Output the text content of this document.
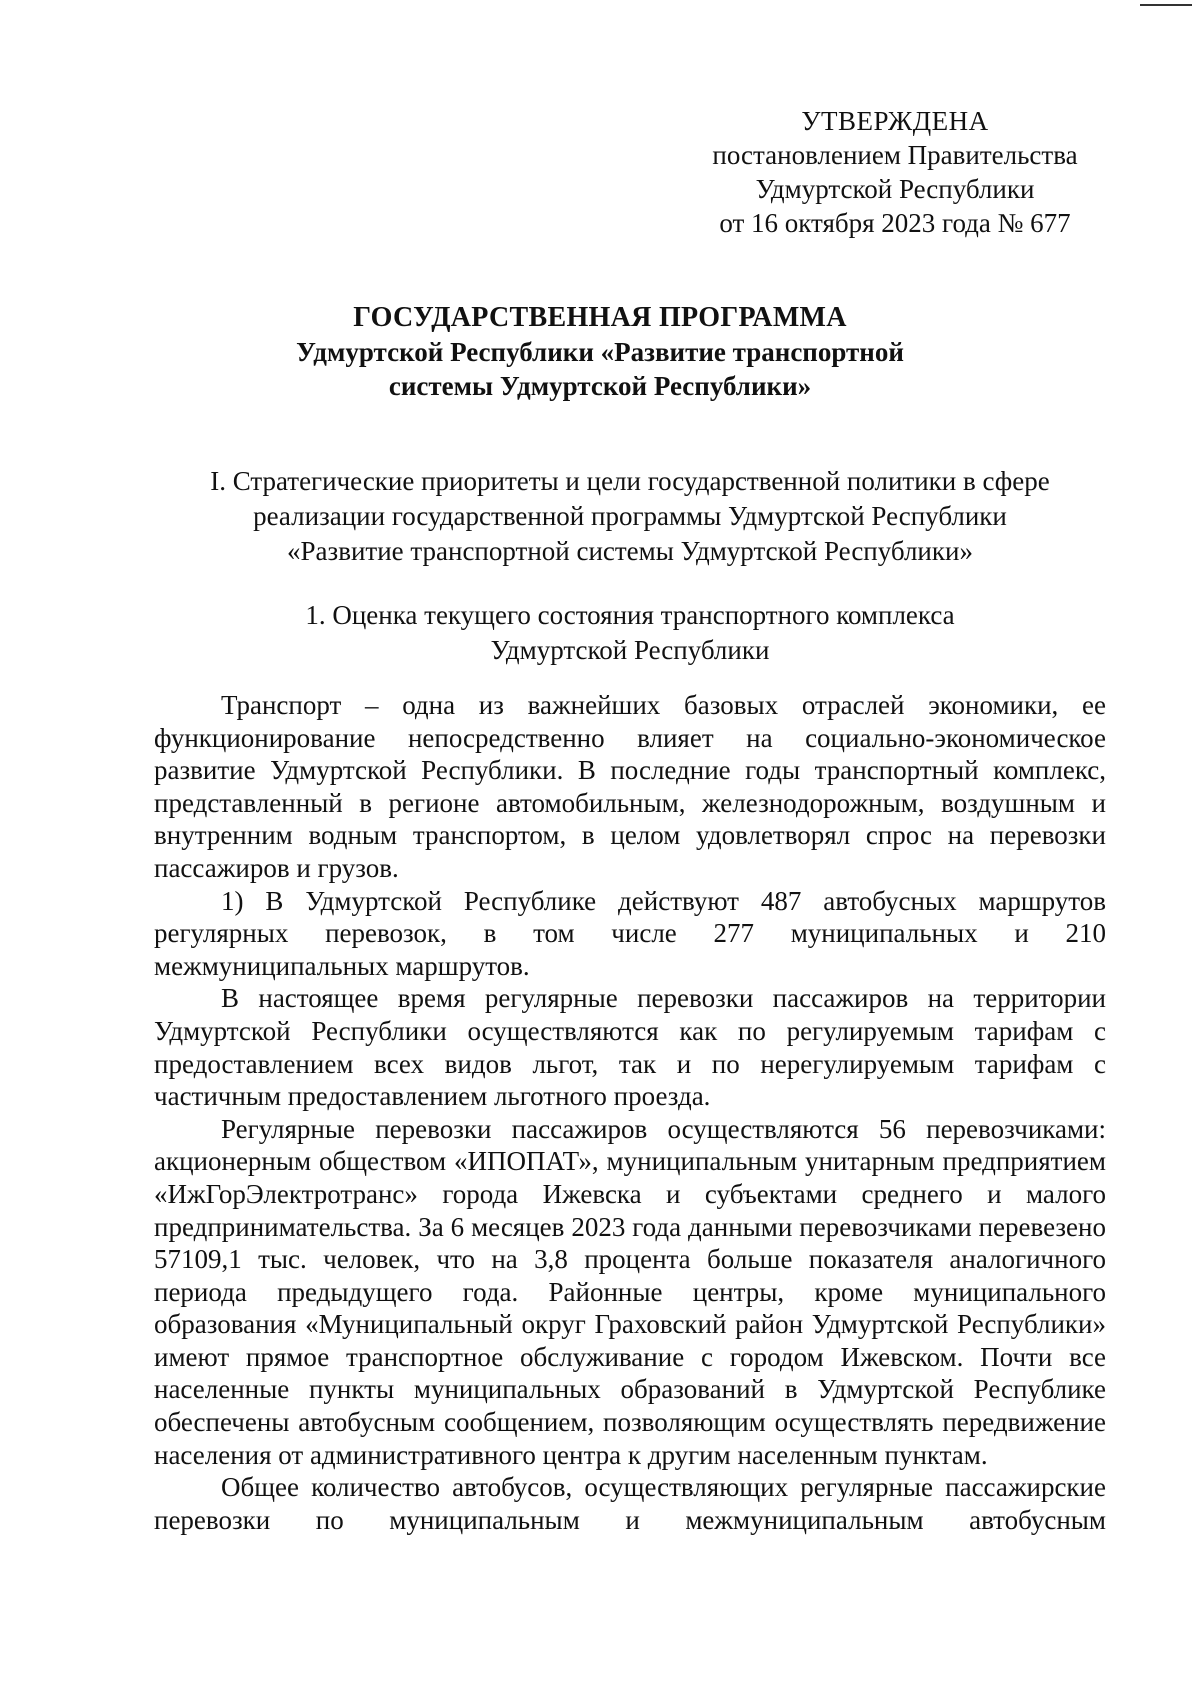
УТВЕРЖДЕНА
постановлением Правительства
Удмуртской Республики
от 16 октября 2023 года № 677
ГОСУДАРСТВЕННАЯ ПРОГРАММА
Удмуртской Республики «Развитие транспортной
системы Удмуртской Республики»
I. Стратегические приоритеты и цели государственной политики в сфере
реализации государственной программы Удмуртской Республики
«Развитие транспортной системы Удмуртской Республики»
1. Оценка текущего состояния транспортного комплекса
Удмуртской Республики

Транспорт – одна из важнейших базовых отраслей экономики, ее функционирование непосредственно влияет на социально-экономическое развитие Удмуртской Республики. В последние годы транспортный комплекс, представленный в регионе автомобильным, железнодорожным, воздушным и внутренним водным транспортом, в целом удовлетворял спрос на перевозки пассажиров и грузов.

1) В Удмуртской Республике действуют 487 автобусных маршрутов регулярных перевозок, в том числе 277 муниципальных и 210 межмуниципальных маршрутов.

В настоящее время регулярные перевозки пассажиров на территории Удмуртской Республики осуществляются как по регулируемым тарифам с предоставлением всех видов льгот, так и по нерегулируемым тарифам с частичным предоставлением льготного проезда.

Регулярные перевозки пассажиров осуществляются 56 перевозчиками: акционерным обществом «ИПОПАТ», муниципальным унитарным предприятием «ИжГорЭлектротранс» города Ижевска и субъектами среднего и малого предпринимательства. За 6 месяцев 2023 года данными перевозчиками перевезено 57109,1 тыс. человек, что на 3,8 процента больше показателя аналогичного периода предыдущего года. Районные центры, кроме муниципального образования «Муниципальный округ Граховский район Удмуртской Республики» имеют прямое транспортное обслуживание с городом Ижевском. Почти все населенные пункты муниципальных образований в Удмуртской Республике обеспечены автобусным сообщением, позволяющим осуществлять передвижение населения от административного центра к другим населенным пунктам.

Общее количество автобусов, осуществляющих регулярные пассажирские перевозки по муниципальным и межмуниципальным автобусным
